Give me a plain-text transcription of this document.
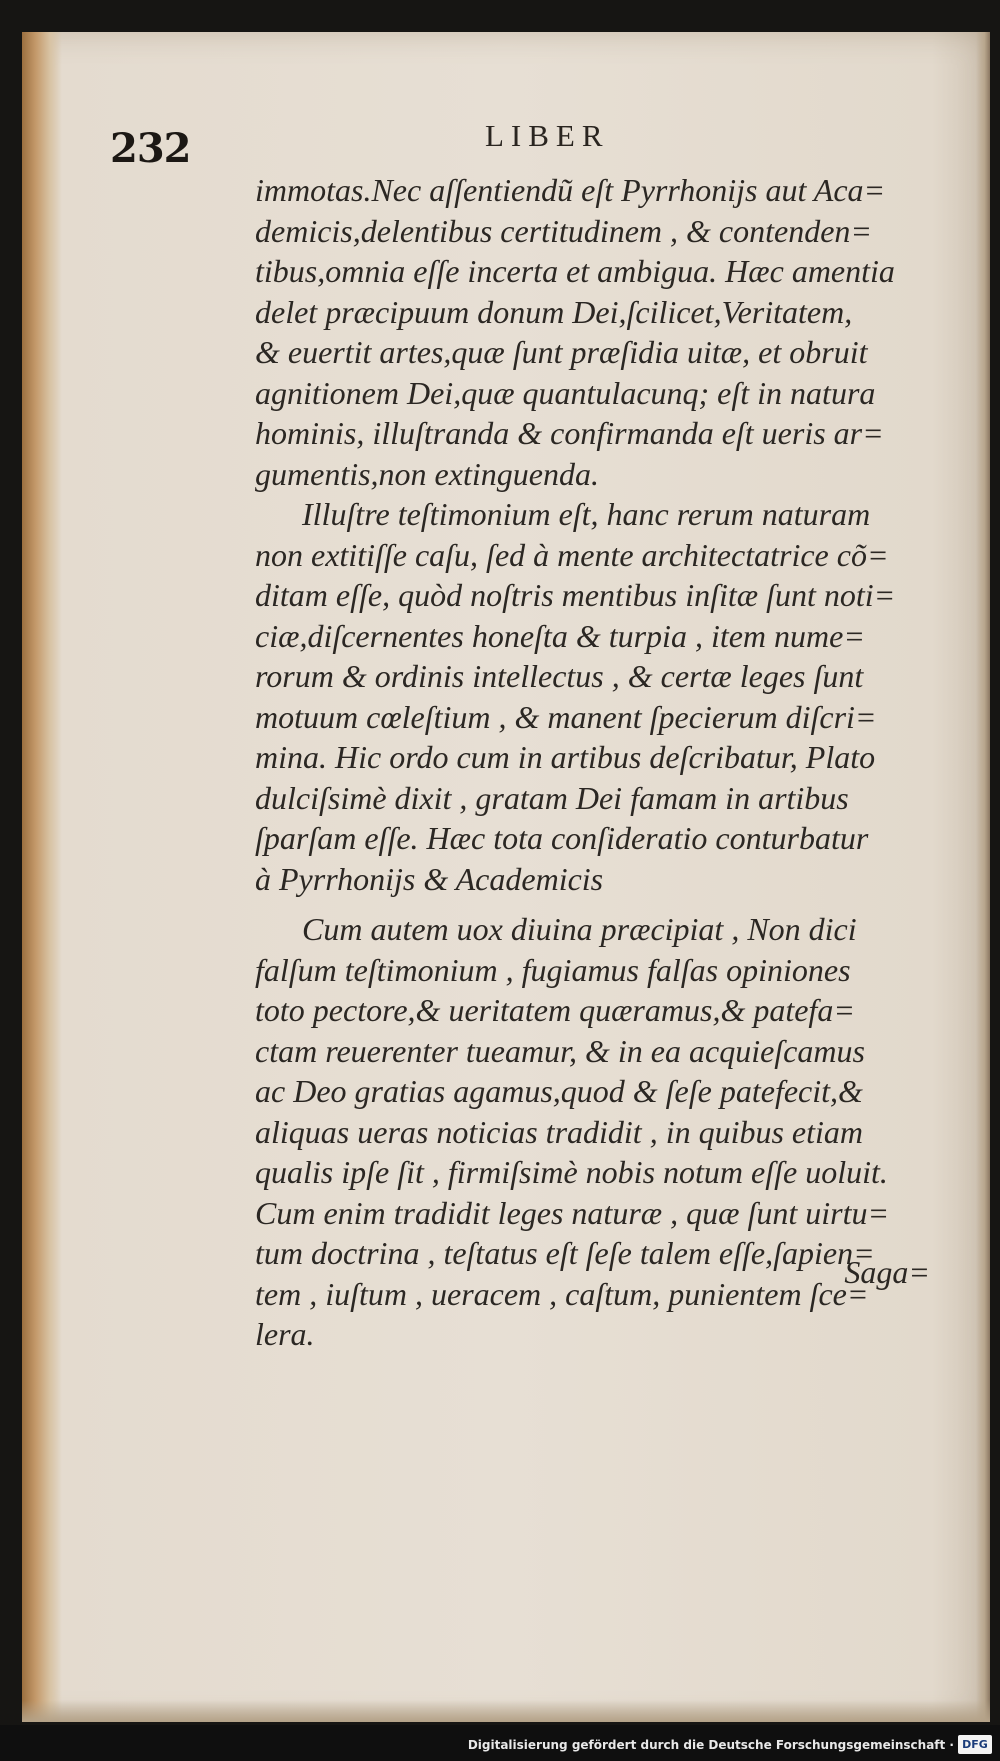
232	LIBER
immotas.Nec aſſentiendũ eſt Pyrrhonijs aut Aca=
demicis,delentibus certitudinem , & contenden=
tibus,omnia eſſe incerta et ambigua. Hæc amentia
delet præcipuum donum Dei,ſcilicet,Veritatem,
& euertit artes,quæ ſunt præſidia uitæ, et obruit
agnitionem Dei,quæ quantulacunq; eſt in natura
hominis, illuſtranda & confirmanda eſt ueris ar=
gumentis,non extinguenda.
Illuſtre teſtimonium eſt, hanc rerum naturam
non extitiſſe caſu, ſed à mente architectatrice cõ=
ditam eſſe, quòd noſtris mentibus inſitæ ſunt noti=
ciæ,diſcernentes honeſta & turpia , item nume=
rorum & ordinis intellectus , & certæ leges ſunt
motuum cœleſtium , & manent ſpecierum diſcri=
mina. Hic ordo cum in artibus deſcribatur, Plato
dulciſsimè dixit , gratam Dei famam in artibus
ſparſam eſſe. Hæc tota conſideratio conturbatur
à Pyrrhonijs & Academicis
Cum autem uox diuina præcipiat , Non dici
falſum teſtimonium , fugiamus falſas opiniones
toto pectore,& ueritatem quæramus,& patefa=
ctam reuerenter tueamur, & in ea acquieſcamus
ac Deo gratias agamus,quod & ſeſe patefecit,&
aliquas ueras noticias tradidit , in quibus etiam
qualis ipſe ſit , firmiſsimè nobis notum eſſe uoluit.
Cum enim tradidit leges naturæ , quæ ſunt uirtu=
tum doctrina , teſtatus eſt ſeſe talem eſſe,ſapien=
tem , iuſtum , ueracem , caſtum, punientem ſce=
lera.
Saga=
Digitalisierung gefördert durch die Deutsche Forschungsgemeinschaft · DFG
